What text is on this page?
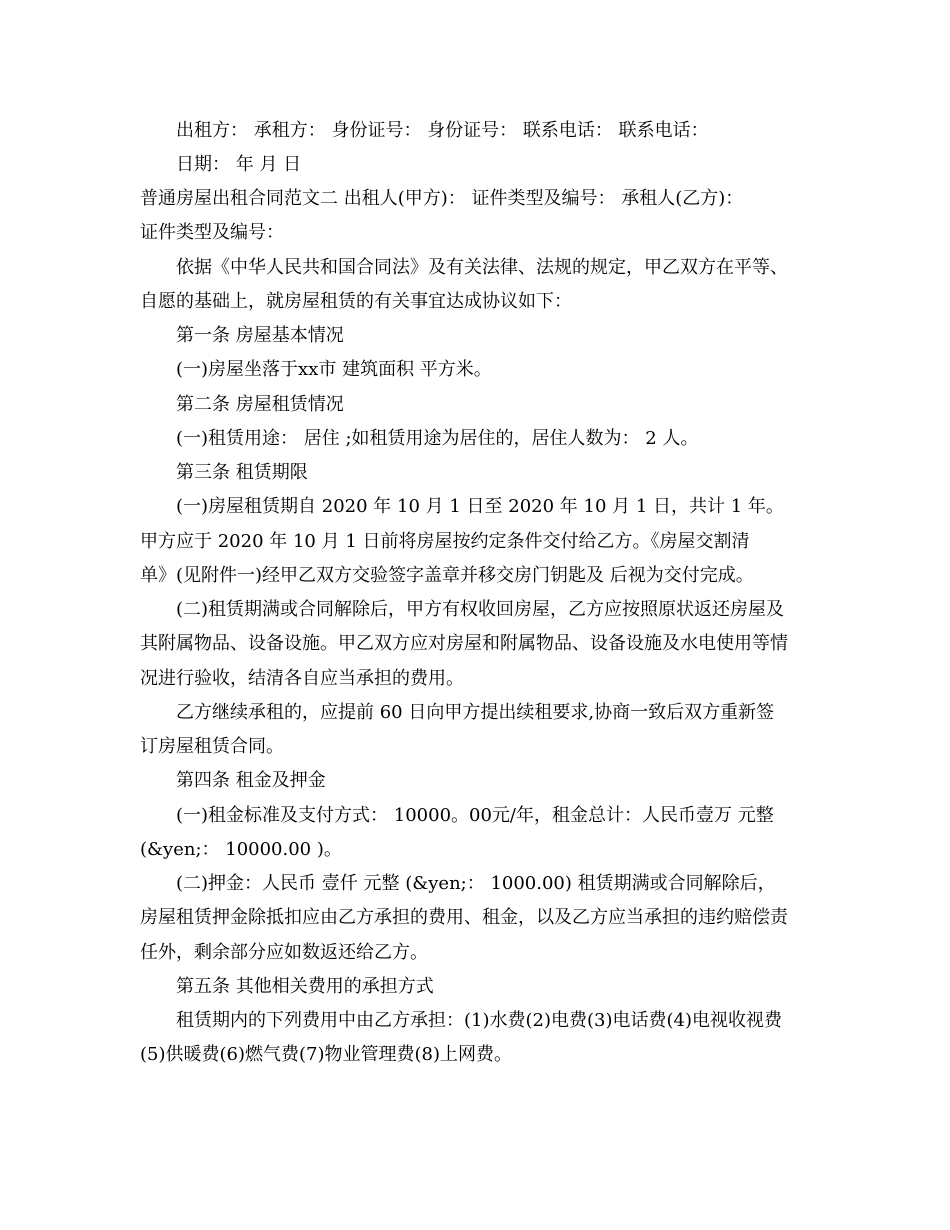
出租方： 承租方： 身份证号： 身份证号： 联系电话： 联系电话：

日期： 年 月 日

普通房屋出租合同范文二 出租人(甲方)： 证件类型及编号： 承租人(乙方)：

证件类型及编号：

依据《中华人民共和国合同法》及有关法律、法规的规定，甲乙双方在平等、

自愿的基础上，就房屋租赁的有关事宜达成协议如下：

第一条 房屋基本情况

(一)房屋坐落于xx市 建筑面积 平方米。

第二条 房屋租赁情况

(一)租赁用途： 居住 ;如租赁用途为居住的，居住人数为： 2 人。

第三条 租赁期限

(一)房屋租赁期自 2020 年 10 月 1 日至 2020 年 10 月 1 日，共计 1 年。

甲方应于 2020 年 10 月 1 日前将房屋按约定条件交付给乙方。《房屋交割清

单》(见附件一)经甲乙双方交验签字盖章并移交房门钥匙及 后视为交付完成。

(二)租赁期满或合同解除后，甲方有权收回房屋，乙方应按照原状返还房屋及

其附属物品、设备设施。甲乙双方应对房屋和附属物品、设备设施及水电使用等情

况进行验收，结清各自应当承担的费用。

乙方继续承租的，应提前 60 日向甲方提出续租要求,协商一致后双方重新签

订房屋租赁合同。

第四条 租金及押金

(一)租金标准及支付方式： 10000。00元/年，租金总计：人民币壹万 元整

(&yen;： 10000.00 )。

(二)押金：人民币 壹仟 元整 (&yen;： 1000.00) 租赁期满或合同解除后，

房屋租赁押金除抵扣应由乙方承担的费用、租金，以及乙方应当承担的违约赔偿责

任外，剩余部分应如数返还给乙方。

第五条 其他相关费用的承担方式

租赁期内的下列费用中由乙方承担：(1)水费(2)电费(3)电话费(4)电视收视费

(5)供暖费(6)燃气费(7)物业管理费(8)上网费。
